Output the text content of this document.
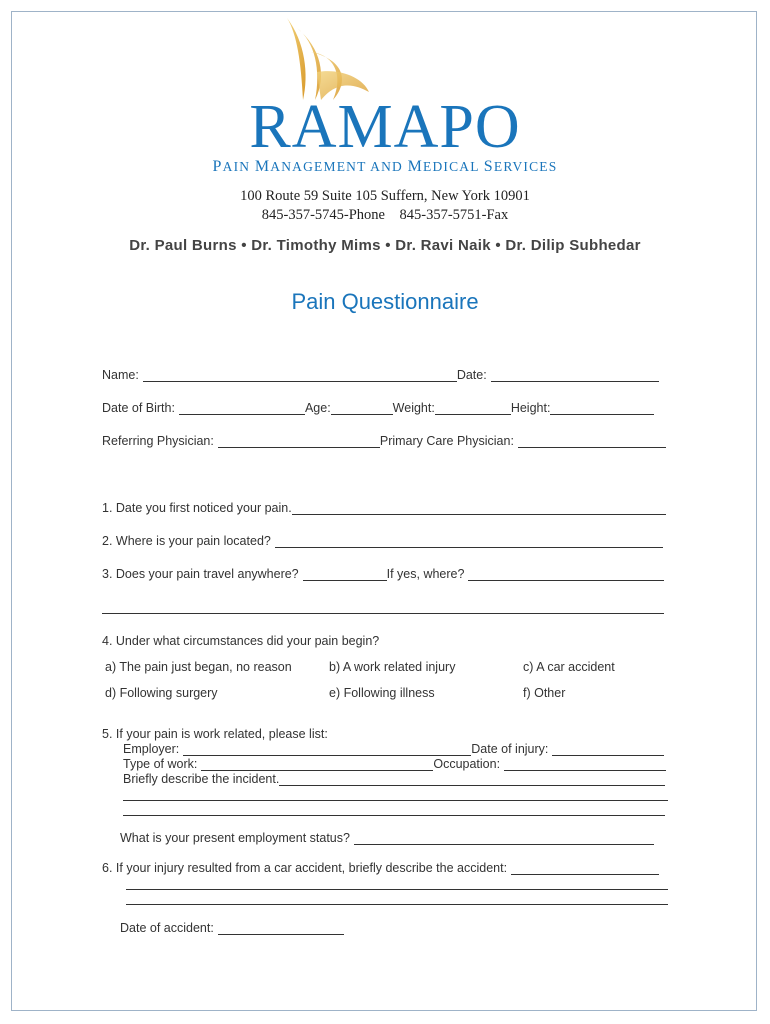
RAMAPO
PAIN MANAGEMENT AND MEDICAL SERVICES
100 Route 59 Suite 105 Suffern, New York 10901
845-357-5745-Phone    845-357-5751-Fax
Dr. Paul Burns • Dr. Timothy Mims • Dr. Ravi Naik • Dr. Dilip Subhedar
Pain Questionnaire
Name:	Date:
Date of Birth:	Age:	Weight:	Height:
Referring Physician:	Primary Care Physician:
1. Date you first noticed your pain.
2. Where is your pain located?
3. Does your pain travel anywhere?	If yes, where?
4. Under what circumstances did your pain begin?
a) The pain just began, no reason	b) A work related injury	c) A car accident
d) Following surgery	e) Following illness	f) Other
5. If your pain is work related, please list:
Employer:	Date of injury:
Type of work:	Occupation:
Briefly describe the incident.
What is your present employment status?
6. If your injury resulted from a car accident, briefly describe the accident:
Date of accident:
